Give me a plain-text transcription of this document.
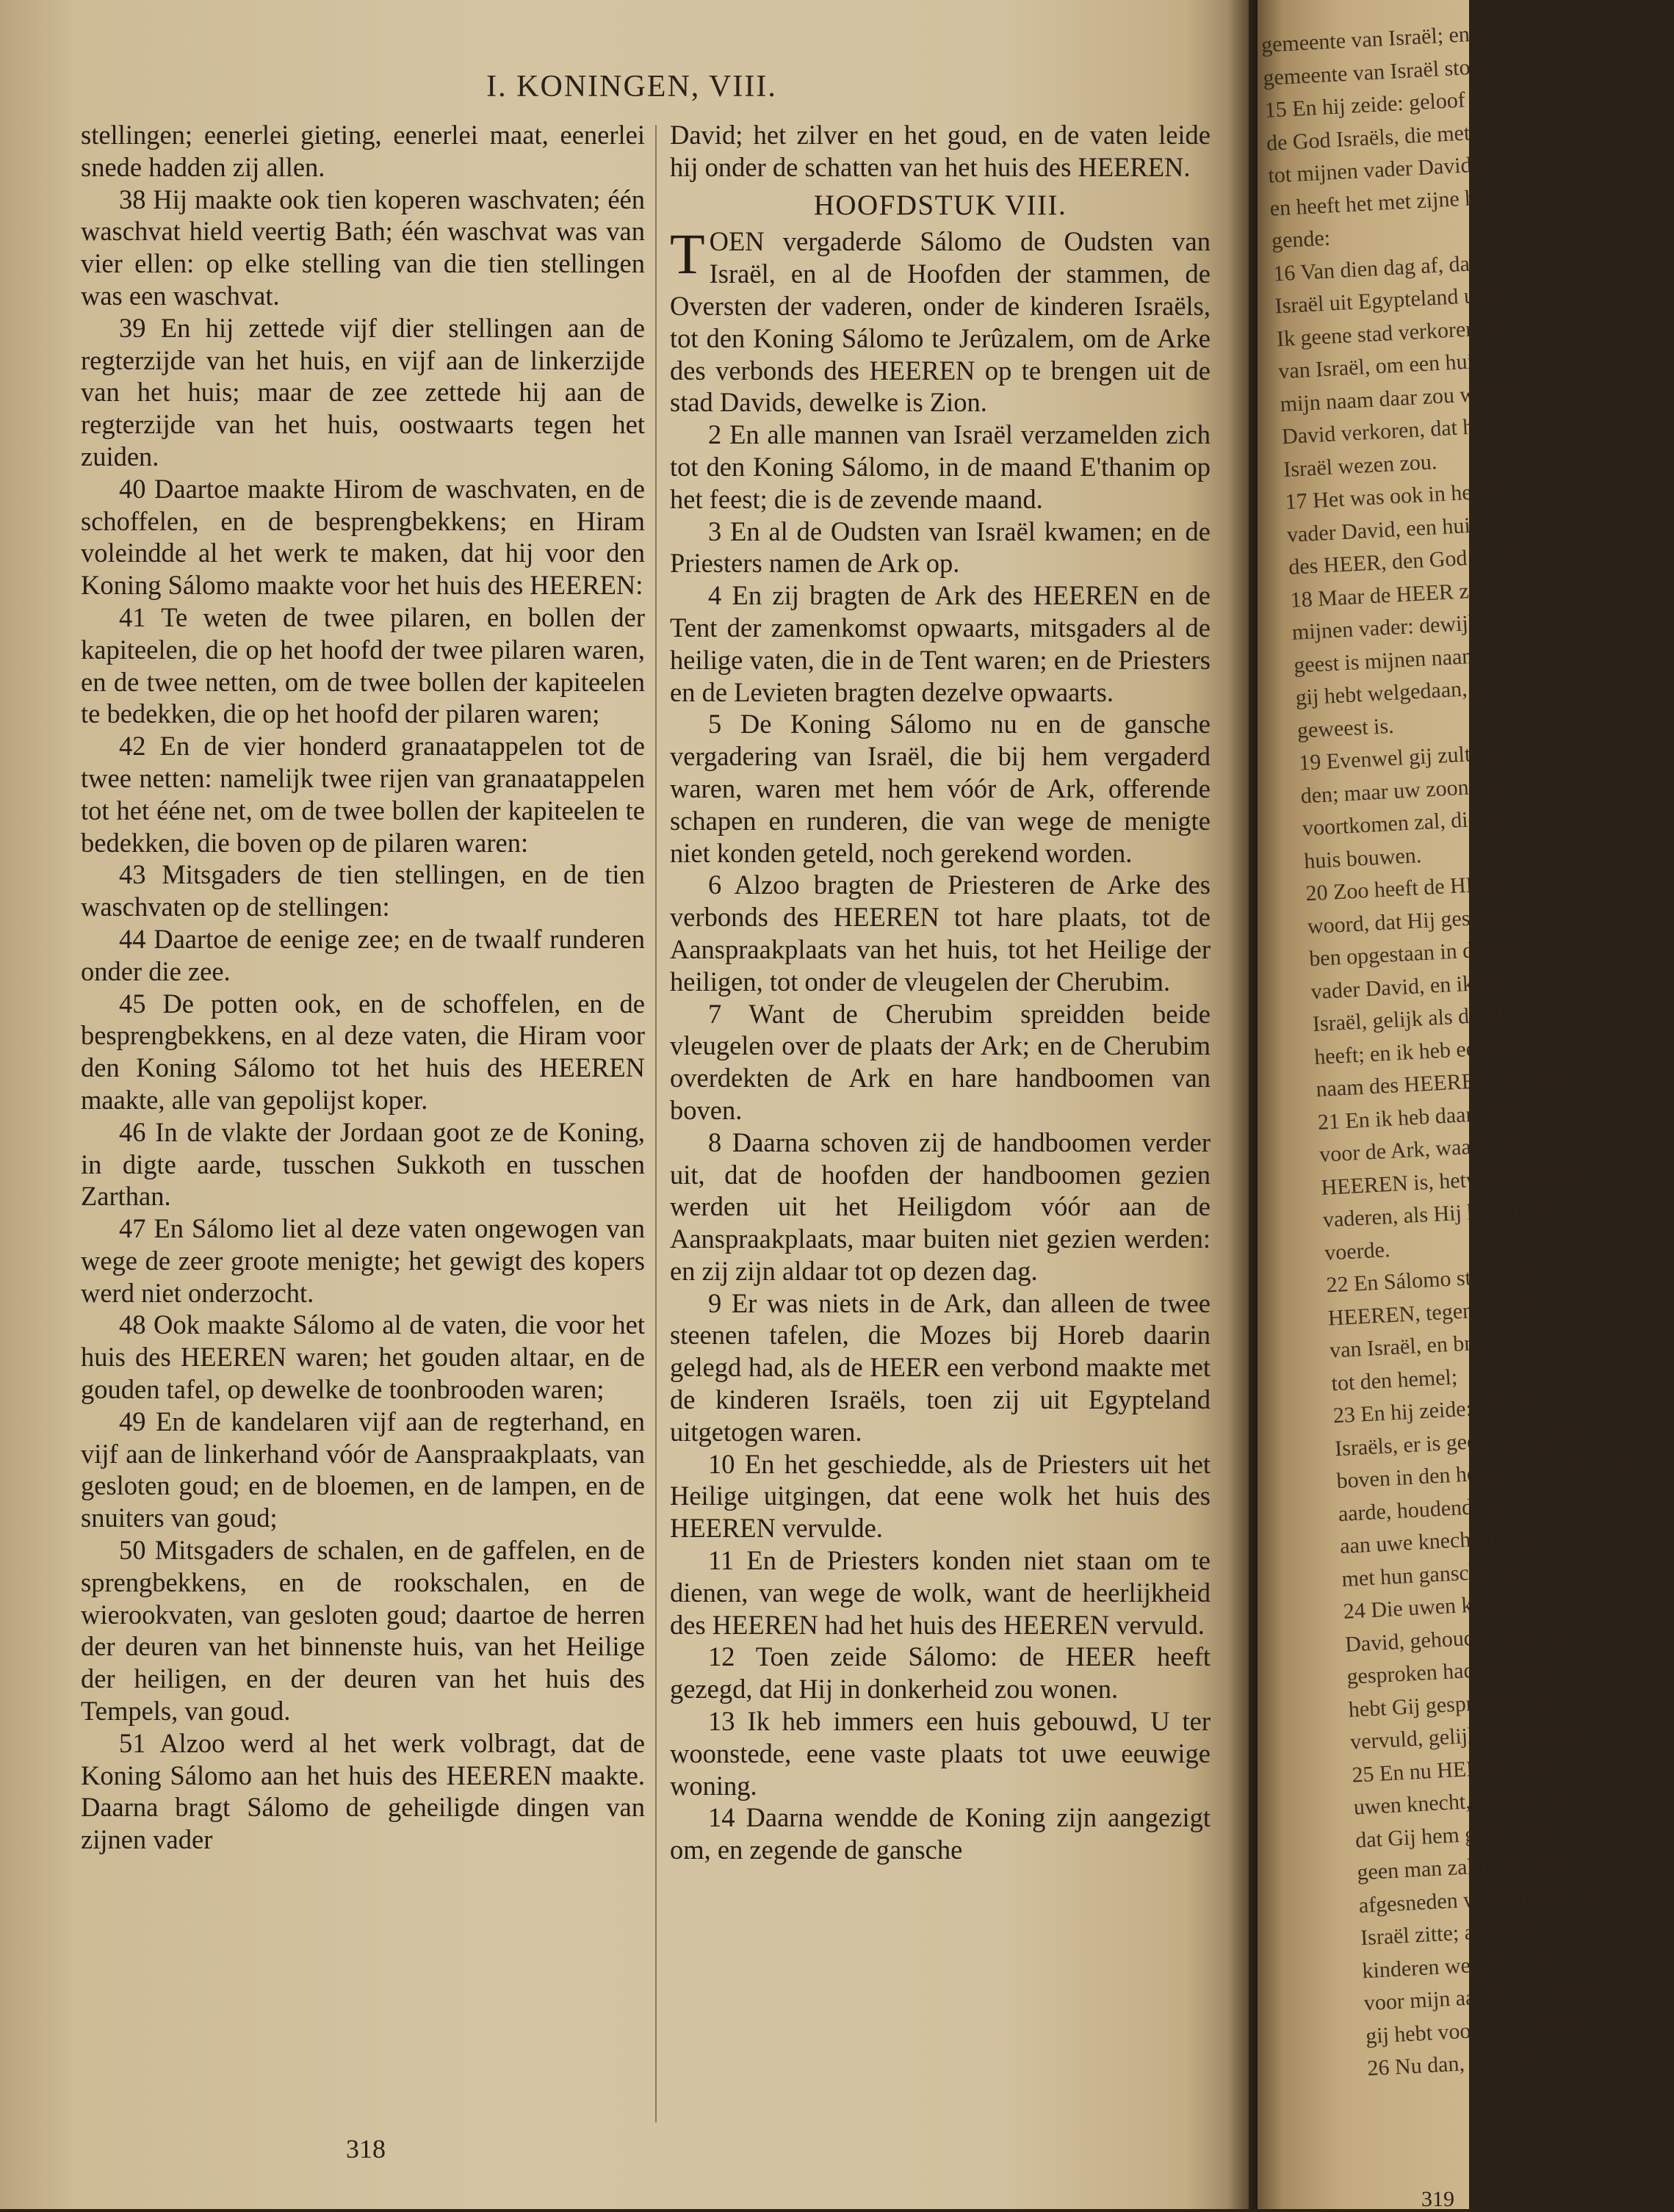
I. KONINGEN, VIII.

stellingen; eenerlei gieting, eenerlei maat, eenerlei snede hadden zij allen.

38 Hij maakte ook tien koperen waschvaten; één waschvat hield veertig Bath; één waschvat was van vier ellen: op elke stelling van die tien stellingen was een waschvat.

39 En hij zettede vijf dier stellingen aan de regterzijde van het huis, en vijf aan de linkerzijde van het huis; maar de zee zettede hij aan de regterzijde van het huis, oostwaarts tegen het zuiden.

40 Daartoe maakte Hirom de waschvaten, en de schoffelen, en de besprengbekkens; en Hiram voleindde al het werk te maken, dat hij voor den Koning Sálomo maakte voor het huis des HEEREN:

41 Te weten de twee pilaren, en bollen der kapiteelen, die op het hoofd der twee pilaren waren, en de twee netten, om de twee bollen der kapiteelen te bedekken, die op het hoofd der pilaren waren;

42 En de vier honderd granaatappelen tot de twee netten: namelijk twee rijen van granaatappelen tot het ééne net, om de twee bollen der kapiteelen te bedekken, die boven op de pilaren waren:

43 Mitsgaders de tien stellingen, en de tien waschvaten op de stellingen:

44 Daartoe de eenige zee; en de twaalf runderen onder die zee.

45 De potten ook, en de schoffelen, en de besprengbekkens, en al deze vaten, die Hiram voor den Koning Sálomo tot het huis des HEEREN maakte, alle van gepolijst koper.

46 In de vlakte der Jordaan goot ze de Koning, in digte aarde, tusschen Sukkoth en tusschen Zarthan.

47 En Sálomo liet al deze vaten ongewogen van wege de zeer groote menigte; het gewigt des kopers werd niet onderzocht.

48 Ook maakte Sálomo al de vaten, die voor het huis des HEEREN waren; het gouden altaar, en de gouden tafel, op dewelke de toonbrooden waren;

49 En de kandelaren vijf aan de regterhand, en vijf aan de linkerhand vóór de Aanspraakplaats, van gesloten goud; en de bloemen, en de lampen, en de snuiters van goud;

50 Mitsgaders de schalen, en de gaffelen, en de sprengbekkens, en de rookschalen, en de wierookvaten, van gesloten goud; daartoe de herren der deuren van het binnenste huis, van het Heilige der heiligen, en der deuren van het huis des Tempels, van goud.

51 Alzoo werd al het werk volbragt, dat de Koning Sálomo aan het huis des HEEREN maakte. Daarna bragt Sálomo de geheiligde dingen van zijnen vader

David; het zilver en het goud, en de vaten leide hij onder de schatten van het huis des HEEREN.

HOOFDSTUK VIII.

TOEN vergaderde Sálomo de Oudsten van Israël, en al de Hoofden der stammen, de Oversten der vaderen, onder de kinderen Israëls, tot den Koning Sálomo te Jerûzalem, om de Arke des verbonds des HEEREN op te brengen uit de stad Davids, dewelke is Zion.

2 En alle mannen van Israël verzamelden zich tot den Koning Sálomo, in de maand E'thanim op het feest; die is de zevende maand.

3 En al de Oudsten van Israël kwamen; en de Priesters namen de Ark op.

4 En zij bragten de Ark des HEEREN en de Tent der zamenkomst opwaarts, mitsgaders al de heilige vaten, die in de Tent waren; en de Priesters en de Levieten bragten dezelve opwaarts.

5 De Koning Sálomo nu en de gansche vergadering van Israël, die bij hem vergaderd waren, waren met hem vóór de Ark, offerende schapen en runderen, die van wege de menigte niet konden geteld, noch gerekend worden.

6 Alzoo bragten de Priesteren de Arke des verbonds des HEEREN tot hare plaats, tot de Aanspraakplaats van het huis, tot het Heilige der heiligen, tot onder de vleugelen der Cherubim.

7 Want de Cherubim spreidden beide vleugelen over de plaats der Ark; en de Cherubim overdekten de Ark en hare handboomen van boven.

8 Daarna schoven zij de handboomen verder uit, dat de hoofden der handboomen gezien werden uit het Heiligdom vóór aan de Aanspraakplaats, maar buiten niet gezien werden: en zij zijn aldaar tot op dezen dag.

9 Er was niets in de Ark, dan alleen de twee steenen tafelen, die Mozes bij Horeb daarin gelegd had, als de HEER een verbond maakte met de kinderen Israëls, toen zij uit Egypteland uitgetogen waren.

10 En het geschiedde, als de Priesters uit het Heilige uitgingen, dat eene wolk het huis des HEEREN vervulde.

11 En de Priesters konden niet staan om te dienen, van wege de wolk, want de heerlijkheid des HEEREN had het huis des HEEREN vervuld.

12 Toen zeide Sálomo: de HEER heeft gezegd, dat Hij in donkerheid zou wonen.

13 Ik heb immers een huis gebouwd, U ter woonstede, eene vaste plaats tot uwe eeuwige woning.

14 Daarna wendde de Koning zijn aangezigt om, en zegende de gansche

318
gemeente van Israël; en d
gemeente van Israël stond.
15 En hij zeide: geloof
de God Israëls, die met
tot mijnen vader David ge
en heeft het met zijne han
gende:
16 Van dien dag af, da
Israël uit Egypteland uitge
Ik geene stad verkoren uit
van Israël, om een huis t
mijn naam daar zou wezen
David verkoren, dat hij o
Israël wezen zou.
17 Het was ook in het ha
vader David, een huis d
des HEER, den God Israëls,
18 Maar de HEER ze
mijnen vader: dewijl dat i
geest is mijnen naam een h
gij hebt welgedaan, dat h
geweest is.
19 Evenwel gij zult dat
den; maar uw zoon, die ui
voortkomen zal, die zal mi
huis bouwen.
20 Zoo heeft de HEER
woord, dat Hij gesproken
ben opgestaan in de plaa
vader David, en ik zit op
Israël, gelijk als de HE
heeft; en ik heb een huis
naam des HEEREN, des God
21 En ik heb daar eene
voor de Ark, waarin het
HEEREN is, hetwelk Hij met
vaderen, als Hij hen uit E
voerde.
22 En Sálomo stond voo
HEEREN, tegenover de gan
van Israël, en breidde zi
tot den hemel;
23 En hij zeide: HEER
Israëls, er is geen God, gelijk
boven in den hemel, noch beneden
aarde, houdende het verbond en d
aan uwe knechten, die voor
met hun gansche hart wa
24 Die uwen knecht,
David, gehouden hebt, wa
gesproken hadt: want m
hebt Gij gesproken, en
vervuld, gelijk het te dezen
25 En nu HEERE, God v
uwen knecht, mijnen va
dat Gij hem gesproken
geen man zal u van voor
afgesneden worden, die op
Israël zitte; alleenlijk
kinderen weg bewaren,
voor mijn aangezigt, gelijk
gij hebt voor mijn aange
26 Nu dan, o God van
319
